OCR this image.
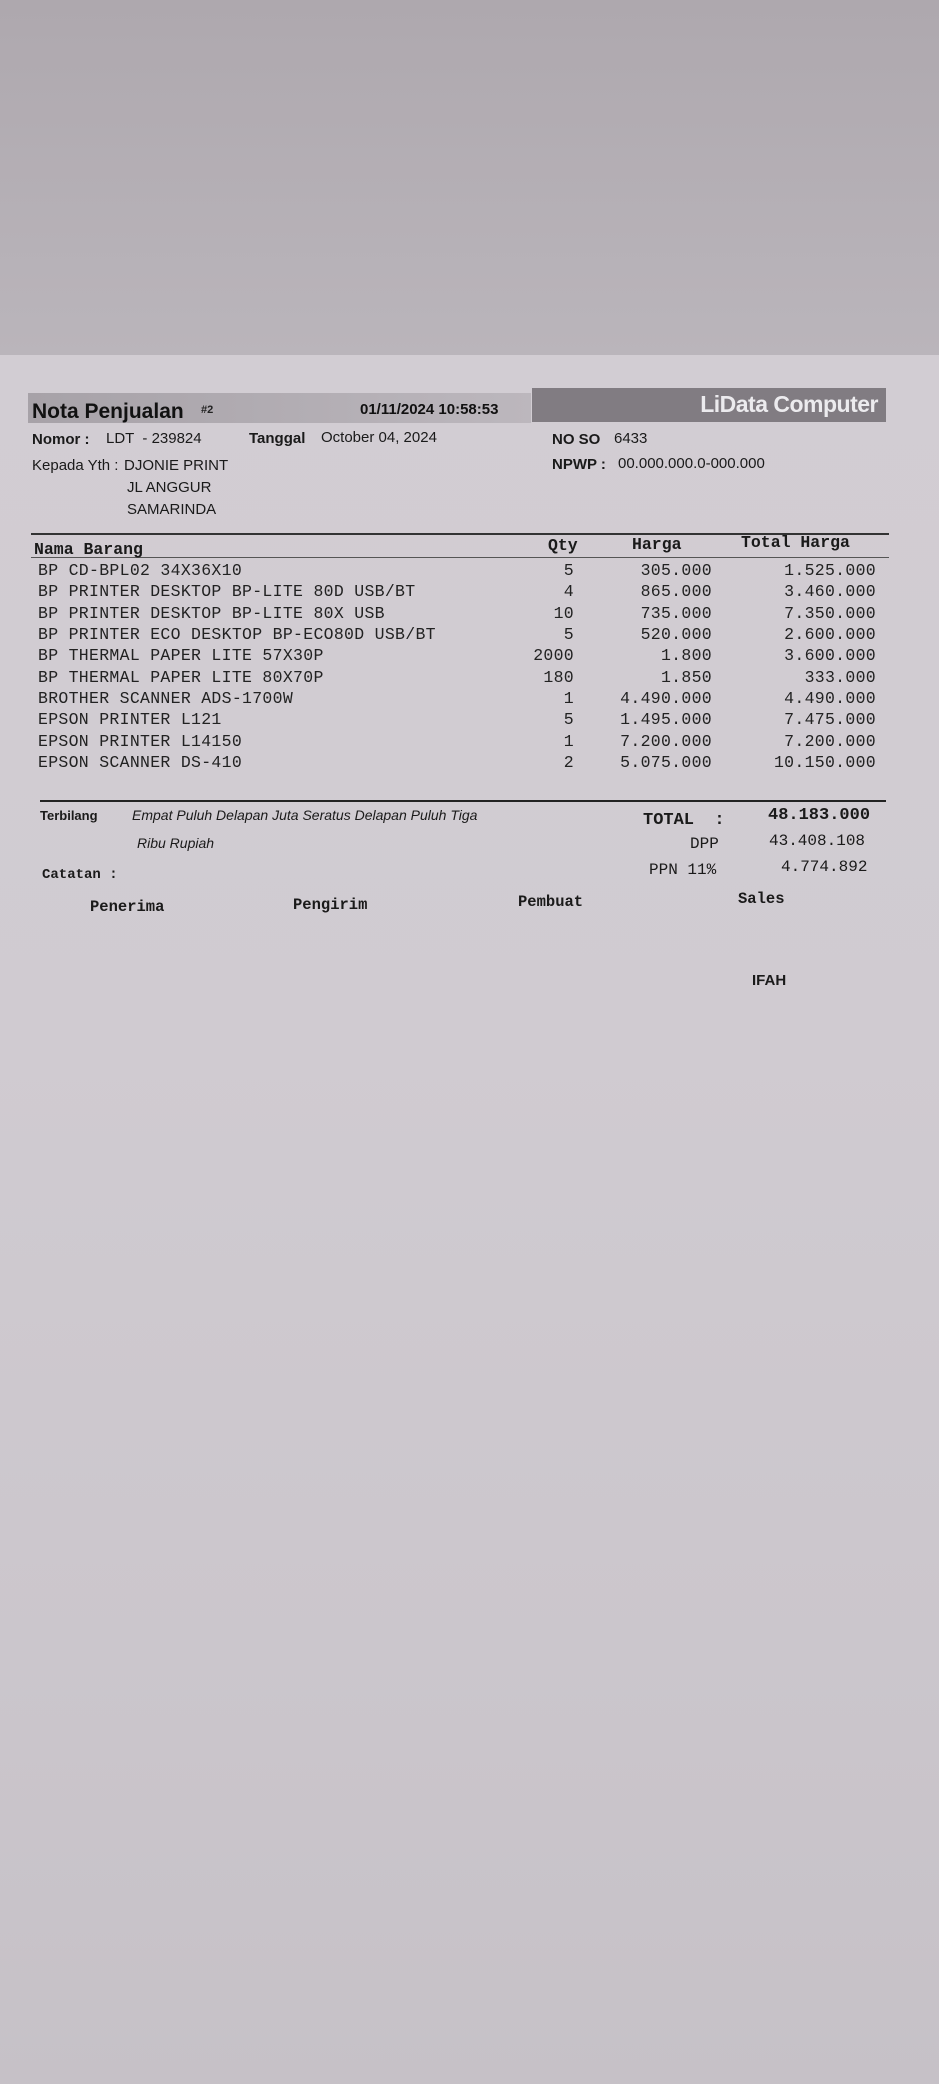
Nota Penjualan #2	01/11/2024 10:58:53	LiData Computer
Nomor : LDT  - 239824	Tanggal October 04, 2024	NO SO 6433
Kepada Yth : DJONIE PRINT
JL ANGGUR
SAMARINDA
NPWP : 00.000.000.0-000.000
Nama Barang	Qty	Harga	Total Harga
BP CD-BPL02 34X36X10	5	305.000	1.525.000
BP PRINTER DESKTOP BP-LITE 80D USB/BT	4	865.000	3.460.000
BP PRINTER DESKTOP BP-LITE 80X USB	10	735.000	7.350.000
BP PRINTER ECO DESKTOP BP-ECO80D USB/BT	5	520.000	2.600.000
BP THERMAL PAPER LITE 57X30P	2000	1.800	3.600.000
BP THERMAL PAPER LITE 80X70P	180	1.850	333.000
BROTHER SCANNER ADS-1700W	1	4.490.000	4.490.000
EPSON PRINTER L121	5	1.495.000	7.475.000
EPSON PRINTER L14150	1	7.200.000	7.200.000
EPSON SCANNER DS-410	2	5.075.000	10.150.000
Terbilang Empat Puluh Delapan Juta Seratus Delapan Puluh Tiga
Ribu Rupiah
Catatan :
TOTAL  :	48.183.000
DPP	43.408.108
PPN 11%	4.774.892
Penerima	Pengirim	Pembuat	Sales
IFAH
